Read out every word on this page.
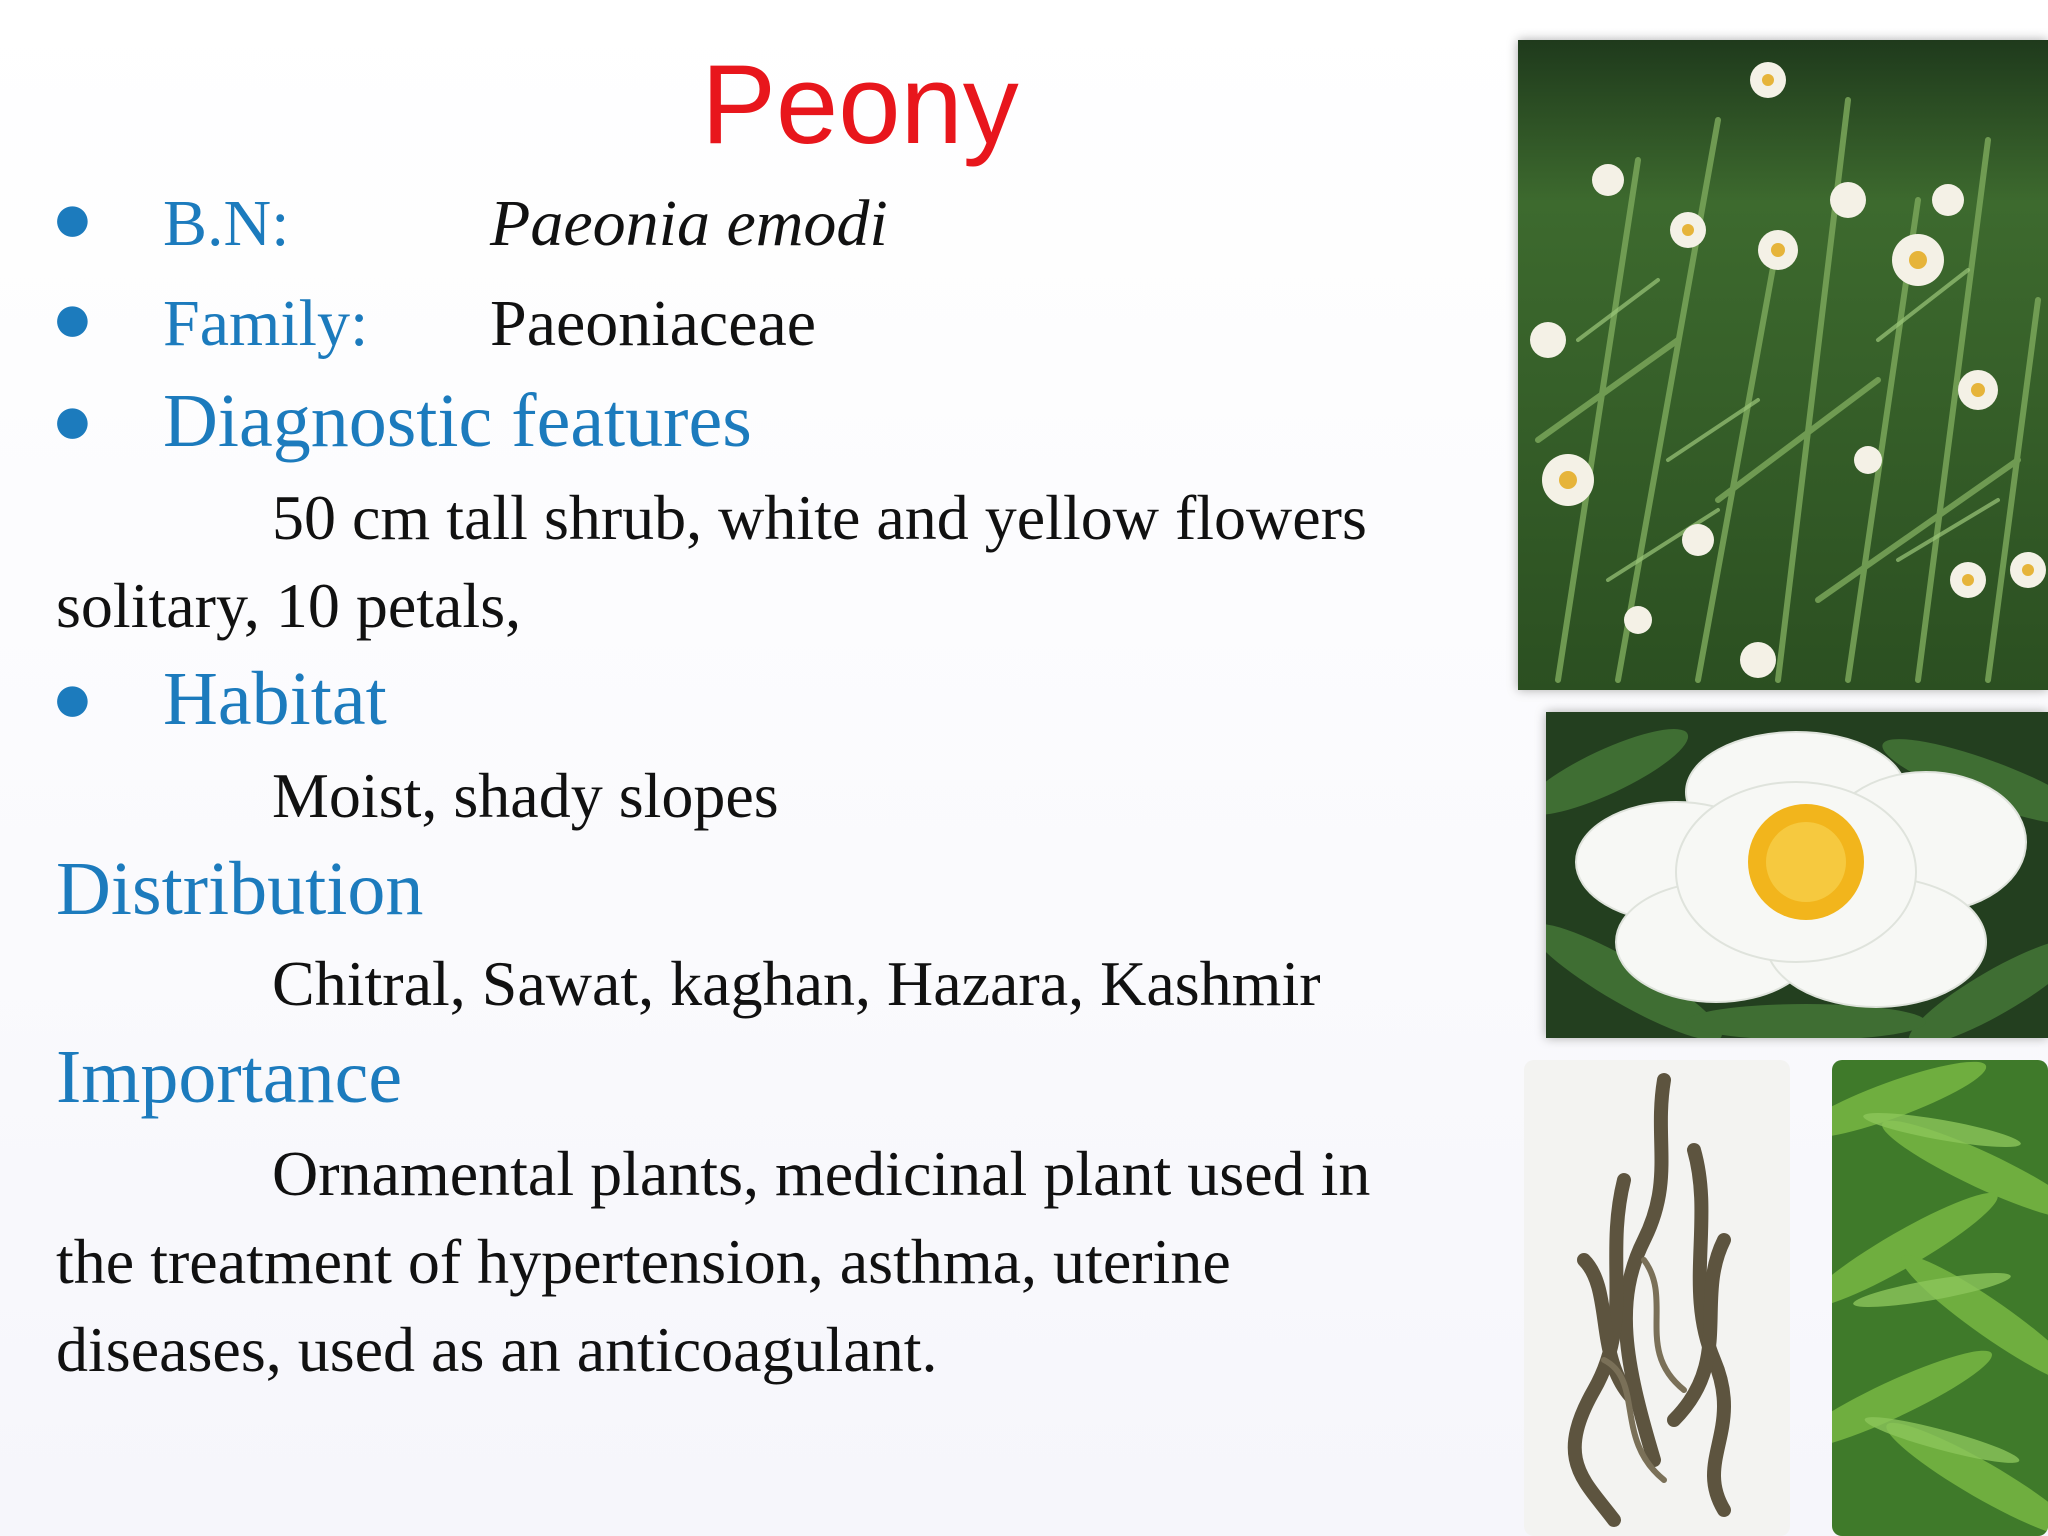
Peony
● B.N:	Paeonia emodi
● Family: Paeoniaceae
● Diagnostic features
50 cm tall shrub, white and yellow flowers
solitary, 10 petals,
● Habitat
Moist, shady slopes
Distribution
Chitral, Sawat, kaghan, Hazara, Kashmir
Importance
Ornamental plants, medicinal plant used in
the treatment of hypertension, asthma, uterine
diseases, used as an anticoagulant.
